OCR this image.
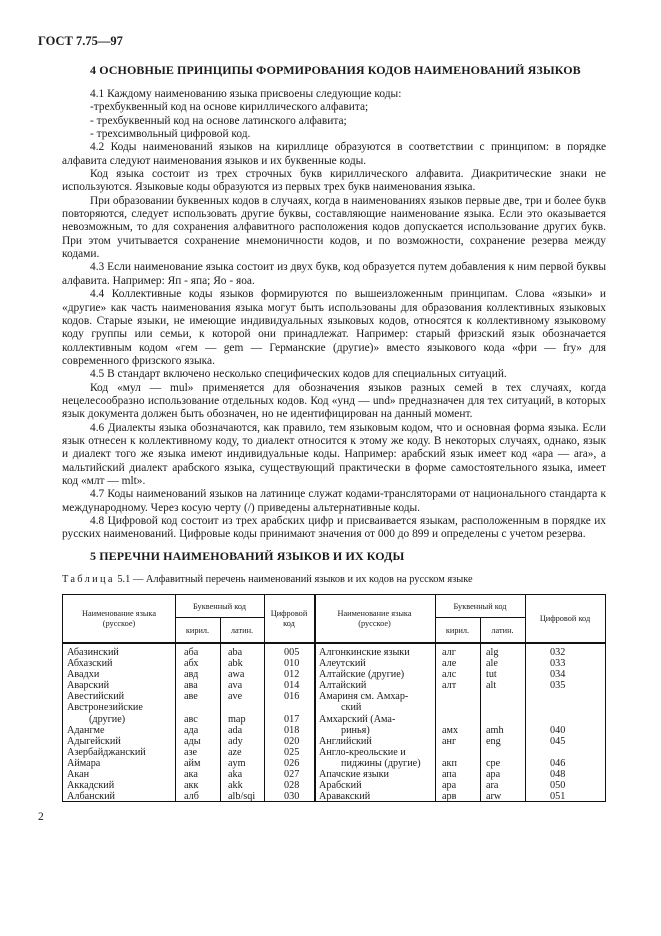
ГОСТ 7.75—97
4 ОСНОВНЫЕ ПРИНЦИПЫ ФОРМИРОВАНИЯ КОДОВ НАИМЕНОВАНИЙ ЯЗЫКОВ

4.1 Каждому наименованию языка присвоены следующие коды:

-трехбуквенный код на основе кириллического алфавита;

- трехбуквенный код на основе латинского алфавита;

- трехсимвольный цифровой код.

4.2 Коды наименований языков на кириллице образуются в соответствии с принципом: в порядке алфавита следуют наименования языков и их буквенные коды.

Код языка состоит из трех строчных букв кириллического алфавита. Диакритические знаки не используются. Языковые коды образуются из первых трех букв наименования языка.

При образовании буквенных кодов в случаях, когда в наименованиях языков первые две, три и более букв повторяются, следует использовать другие буквы, составляющие наименование языка. Если это оказывается невозможным, то для сохранения алфавитного расположения кодов допускается использование других букв. При этом учитывается сохранение мнемоничности кодов, и по возможности, сохранение резерва между кодами.

4.3 Если наименование языка состоит из двух букв, код образуется путем добавления к ним первой буквы алфавита. Например: Яп - япа; Яо - яоа.

4.4 Коллективные коды языков формируются по вышеизложенным принципам. Слова «языки» и «другие» как часть наименования языка могут быть использованы для образования коллективных языковых кодов. Старые языки, не имеющие индивидуальных языковых кодов, относятся к коллективному языковому коду группы или семьи, к которой они принадлежат. Например: старый фризский язык обозначается коллективным кодом «гем — gem — Германские (другие)» вместо языкового кода «фри — fry» для современного фризского языка.

4.5 В стандарт включено несколько специфических кодов для специальных ситуаций.

Код «мул — mul» применяется для обозначения языков разных семей в тех случаях, когда нецелесообразно использование отдельных кодов. Код «унд — und» предназначен для тех ситуаций, в которых язык документа должен быть обозначен, но не идентифицирован на данный момент.

4.6 Диалекты языка обозначаются, как правило, тем языковым кодом, что и основная форма языка. Если язык отнесен к коллективному коду, то диалект относится к этому же коду. В некоторых случаях, однако, язык и диалект того же языка имеют индивидуальные коды. Например: арабский язык имеет код «ара — ara», а мальтийский диалект арабского языка, существующий практически в форме самостоятельного языка, имеет код «млт — mlt».

4.7 Коды наименований языков на латинице служат кодами-трансляторами от национального стандарта к международному. Через косую черту (/) приведены альтернативные коды.

4.8 Цифровой код состоит из трех арабских цифр и присваивается языкам, расположенным в порядке их русских наименований. Цифровые коды принимают значения от 000 до 899 и определены с учетом резерва.

5 ПЕРЕЧНИ НАИМЕНОВАНИЙ ЯЗЫКОВ И ИХ КОДЫ
Таблица 5.1 — Алфавитный перечень наименований языков и их кодов на русском языке
Наименование языка (русское)
Буквенный код
кирил.	латин.
Цифровой код
Наименование языка (русское)
Буквенный код
кирил.	латин.
Цифровой код
Абазинский	аба	aba	005
Абхазский	абх	abk	010
Авадхи	авд	awa	012
Аварский	ава	ava	014
Авестийский	аве	ave	016
Австронезийские
(другие)	авс	map	017
Адангме	ада	ada	018
Адыгейский	ады	ady	020
Азербайджанский	азе	aze	025
Аймара	айм	aym	026
Акан	ака	aka	027
Аккадский	акк	akk	028
Албанский	алб	alb/sqi	030
Алгонкинские языки	алг	alg	032
Алеутский	але	ale	033
Алтайские (другие)	алс	tut	034
Алтайский	алт	alt	035
Амариня см. Амхар-
ский
Амхарский (Ама-
ринья)	амх	amh	040
Английский	анг	eng	045
Англо-креольские и
пиджины (другие) акп	cpe	046
Апачские языки	апа	apa	048
Арабский	ара	ara	050
Аравакский	арв	arw	051
2
